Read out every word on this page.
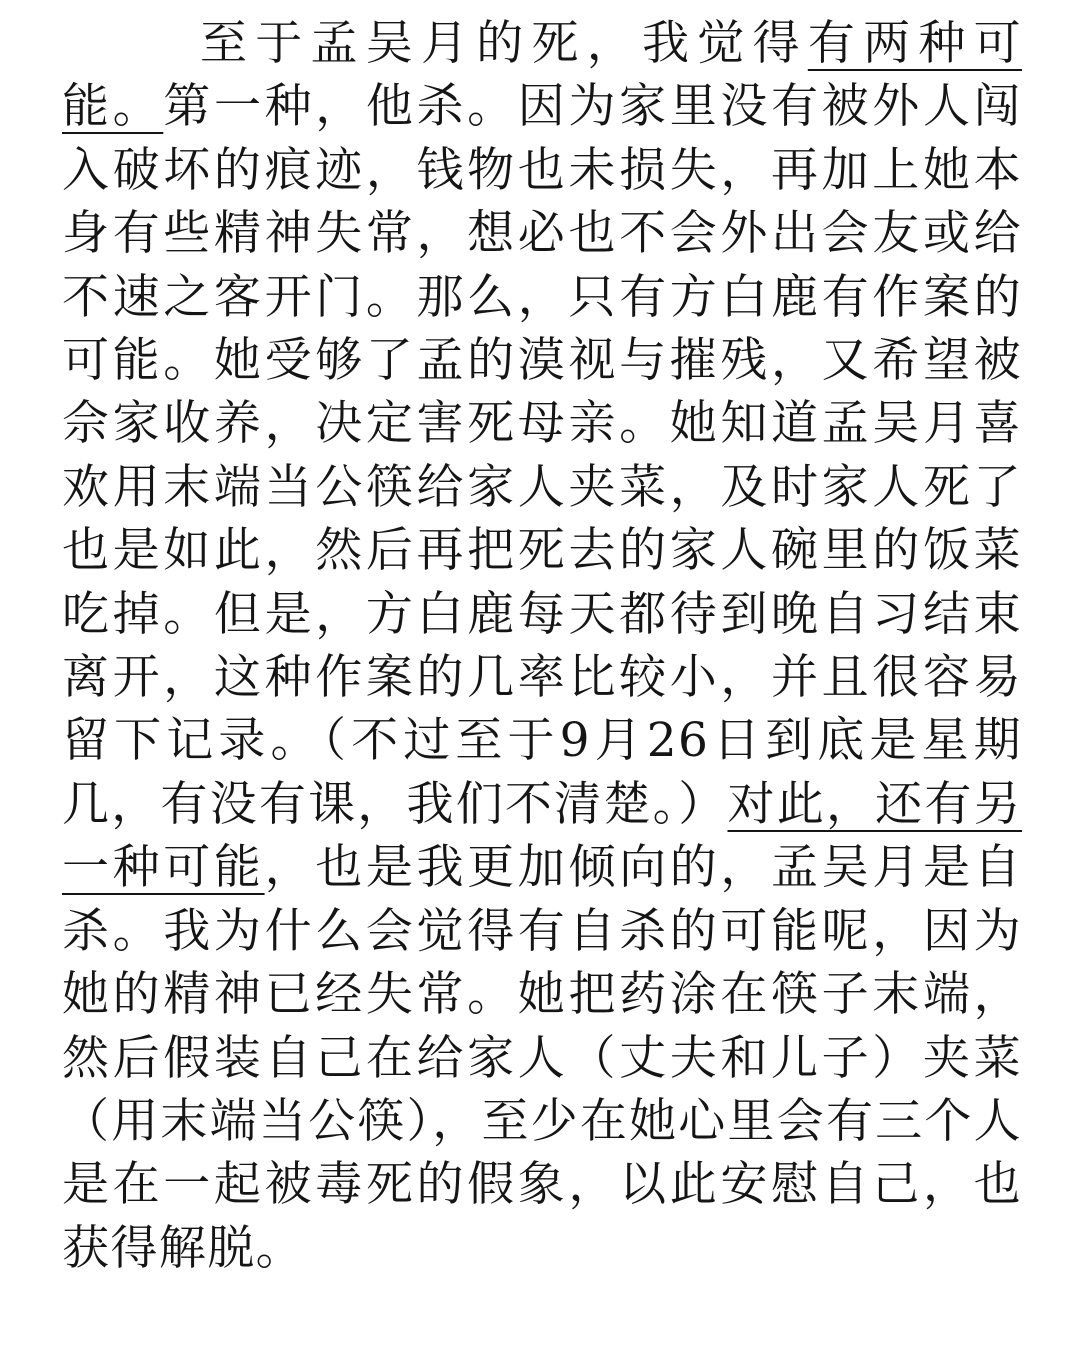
至于孟吴月的死，我觉得有两种可能。第一种，他杀。因为家里没有被外人闯入破坏的痕迹，钱物也未损失，再加上她本身有些精神失常，想必也不会外出会友或给不速之客开门。那么，只有方白鹿有作案的可能。她受够了孟的漠视与摧残，又希望被佘家收养，决定害死母亲。她知道孟吴月喜欢用末端当公筷给家人夹菜，及时家人死了也是如此，然后再把死去的家人碗里的饭菜吃掉。但是，方白鹿每天都待到晚自习结束离开，这种作案的几率比较小，并且很容易留下记录。（不过至于9月26日到底是星期几，有没有课，我们不清楚。）对此，还有另一种可能，也是我更加倾向的，孟吴月是自杀。我为什么会觉得有自杀的可能呢，因为她的精神已经失常。她把药涂在筷子末端，然后假装自己在给家人（丈夫和儿子）夹菜（用末端当公筷），至少在她心里会有三个人是在一起被毒死的假象，以此安慰自己，也获得解脱。
